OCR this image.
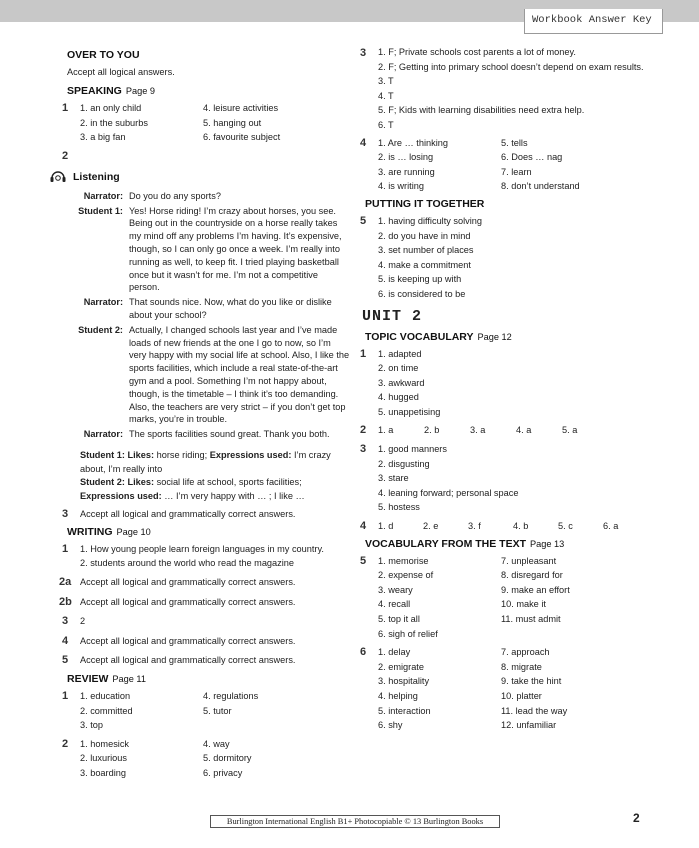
Workbook Answer Key
OVER TO YOU
Accept all logical answers.
SPEAKING Page 9
1 1. an only child	4. leisure activities
2. in the suburbs	5. hanging out
3. a big fan	6. favourite subject
2
Listening
Narrator: Do you do any sports?
Student 1: Yes! Horse riding! I’m crazy about horses, you see. Being out in the countryside on a horse really takes my mind off any problems I’m having. It’s expensive, though, so I can only go once a week. I’m really into running as well, to keep fit. I tried playing basketball once but it wasn’t for me. I’m not a competitive person.
Narrator: That sounds nice. Now, what do you like or dislike about your school?
Student 2: Actually, I changed schools last year and I’ve made loads of new friends at the one I go to now, so I’m very happy with my social life at school. Also, I like the sports facilities, which include a real state-of-the-art gym and a pool. Something I’m not happy about, though, is the timetable – I think it’s too demanding. Also, the teachers are very strict – if you don’t get top marks, you’re in trouble.
Narrator: The sports facilities sound great. Thank you both.
Student 1: Likes: horse riding; Expressions used: I’m crazy about, I’m really into
Student 2: Likes: social life at school, sports facilities;
Expressions used: … I’m very happy with … ; I like …
3	Accept all logical and grammatically correct answers.
WRITING Page 10
1	1. How young people learn foreign languages in my country.
2. students around the world who read the magazine
2a Accept all logical and grammatically correct answers.
2b Accept all logical and grammatically correct answers.
3	2
4	Accept all logical and grammatically correct answers.
5	Accept all logical and grammatically correct answers.
REVIEW Page 11
1 1. education	4. regulations
2. committed	5. tutor
3. top
2 1. homesick	4. way
2. luxurious	5. dormitory
3. boarding	6. privacy
3	1. F; Private schools cost parents a lot of money.
2. F; Getting into primary school doesn’t depend on exam results.
3. T
4. T
5. F; Kids with learning disabilities need extra help.
6. T
4 1. Are … thinking	5. tells
2. is … losing	6. Does … nag
3. are running	7. learn
4. is writing	8. don’t understand
PUTTING IT TOGETHER
5	1. having difficulty solving
2. do you have in mind
3. set number of places
4. make a commitment
5. is keeping up with
6. is considered to be
UNIT 2
TOPIC VOCABULARY Page 12
1	1. adapted
2. on time
3. awkward
4. hugged
5. unappetising
2	1. a	2. b	3. a	4. a	5. a
3	1. good manners
2. disgusting
3. stare
4. leaning forward; personal space
5. hostess
4	1. d	2. e	3. f	4. b	5. c	6. a
VOCABULARY FROM THE TEXT Page 13
5 1. memorise	7. unpleasant
2. expense of	8. disregard for
3. weary	9. make an effort
4. recall	10. make it
5. top it all	11. must admit
6. sigh of relief
6 1. delay	7. approach
2. emigrate	8. migrate
3. hospitality	9. take the hint
4. helping	10. platter
5. interaction	11. lead the way
6. shy	12. unfamiliar
Burlington International English B1+ Photocopiable © 13 Burlington Books	2
